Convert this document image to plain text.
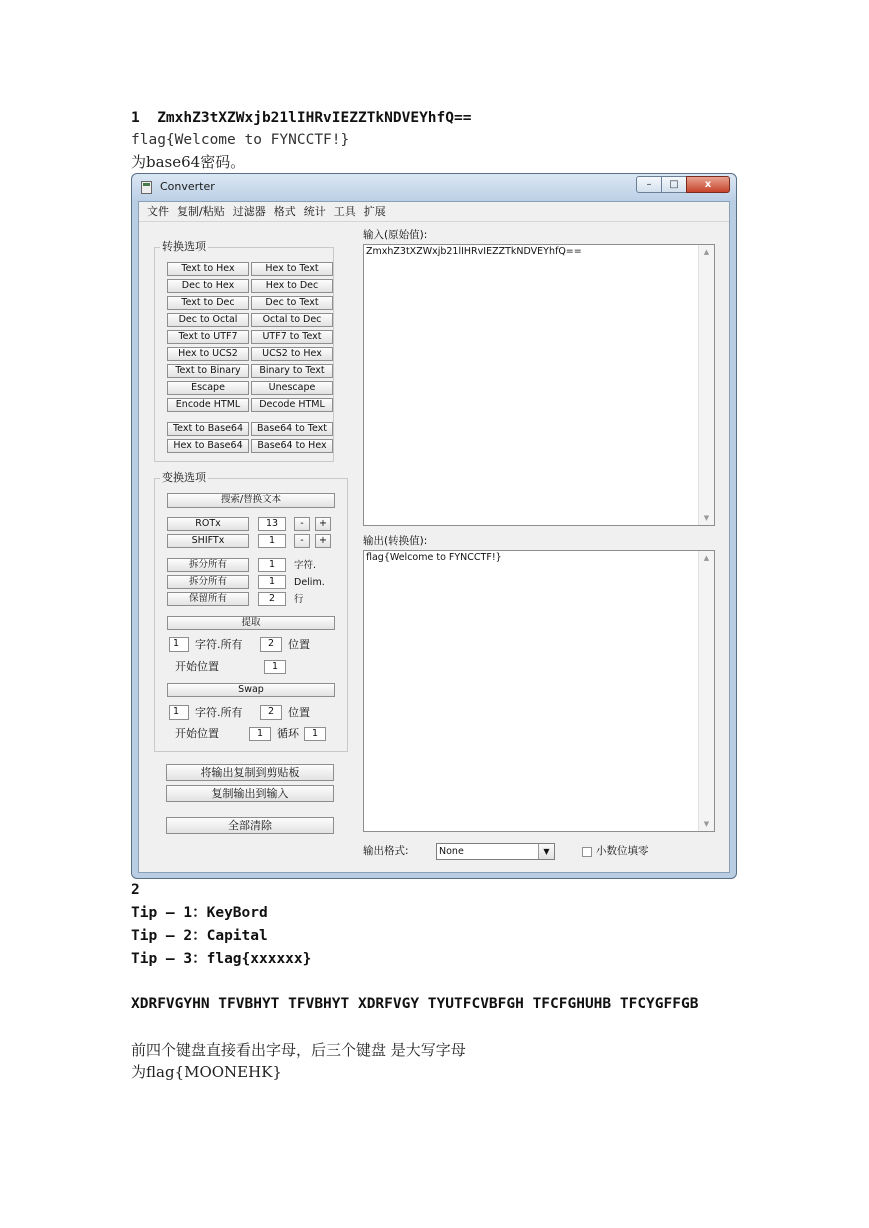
1  ZmxhZ3tXZWxjb21lIHRvIEZZTkNDVEYhfQ==
flag{Welcome to FYNCCTF!}
为base64密码。
Converter	–	□	x
文件 复制/粘贴 过滤器 格式 统计 工具 扩展
转换选项
Text to Hex	Hex to Text
Dec to Hex	Hex to Dec
Text to Dec	Dec to Text
Dec to Octal	Octal to Dec
Text to UTF7	UTF7 to Text
Hex to UCS2	UCS2 to Hex
Text to Binary	Binary to Text
Escape	Unescape
Encode HTML	Decode HTML
Text to Base64	Base64 to Text
Hex to Base64	Base64 to Hex
变换选项
搜索/替换文本
ROTx	13	-	+
SHIFTx	1	-	+
拆分所有	1	字符.
拆分所有	1	Delim.
保留所有	2	行
提取
1	字符.所有	2	位置
开始位置	1
Swap
1	字符.所有	2	位置
开始位置	1	循环	1
将输出复制到剪贴板
复制输出到输入
全部清除
输入(原始值):
ZmxhZ3tXZWxjb21lIHRvIEZZTkNDVEYhfQ==	▲
▼
输出(转换值):
flag{Welcome to FYNCCTF!}	▲
▼
输出格式:	None	▼	小数位填零
2
Tip – 1：KeyBord
Tip – 2：Capital
Tip – 3：flag{xxxxxx}
XDRFVGYHN TFVBHYT TFVBHYT XDRFVGY TYUTFCVBFGH TFCFGHUHB TFCYGFFGB
前四个键盘直接看出字母，后三个键盘 是大写字母
为flag{MOONEHK}
